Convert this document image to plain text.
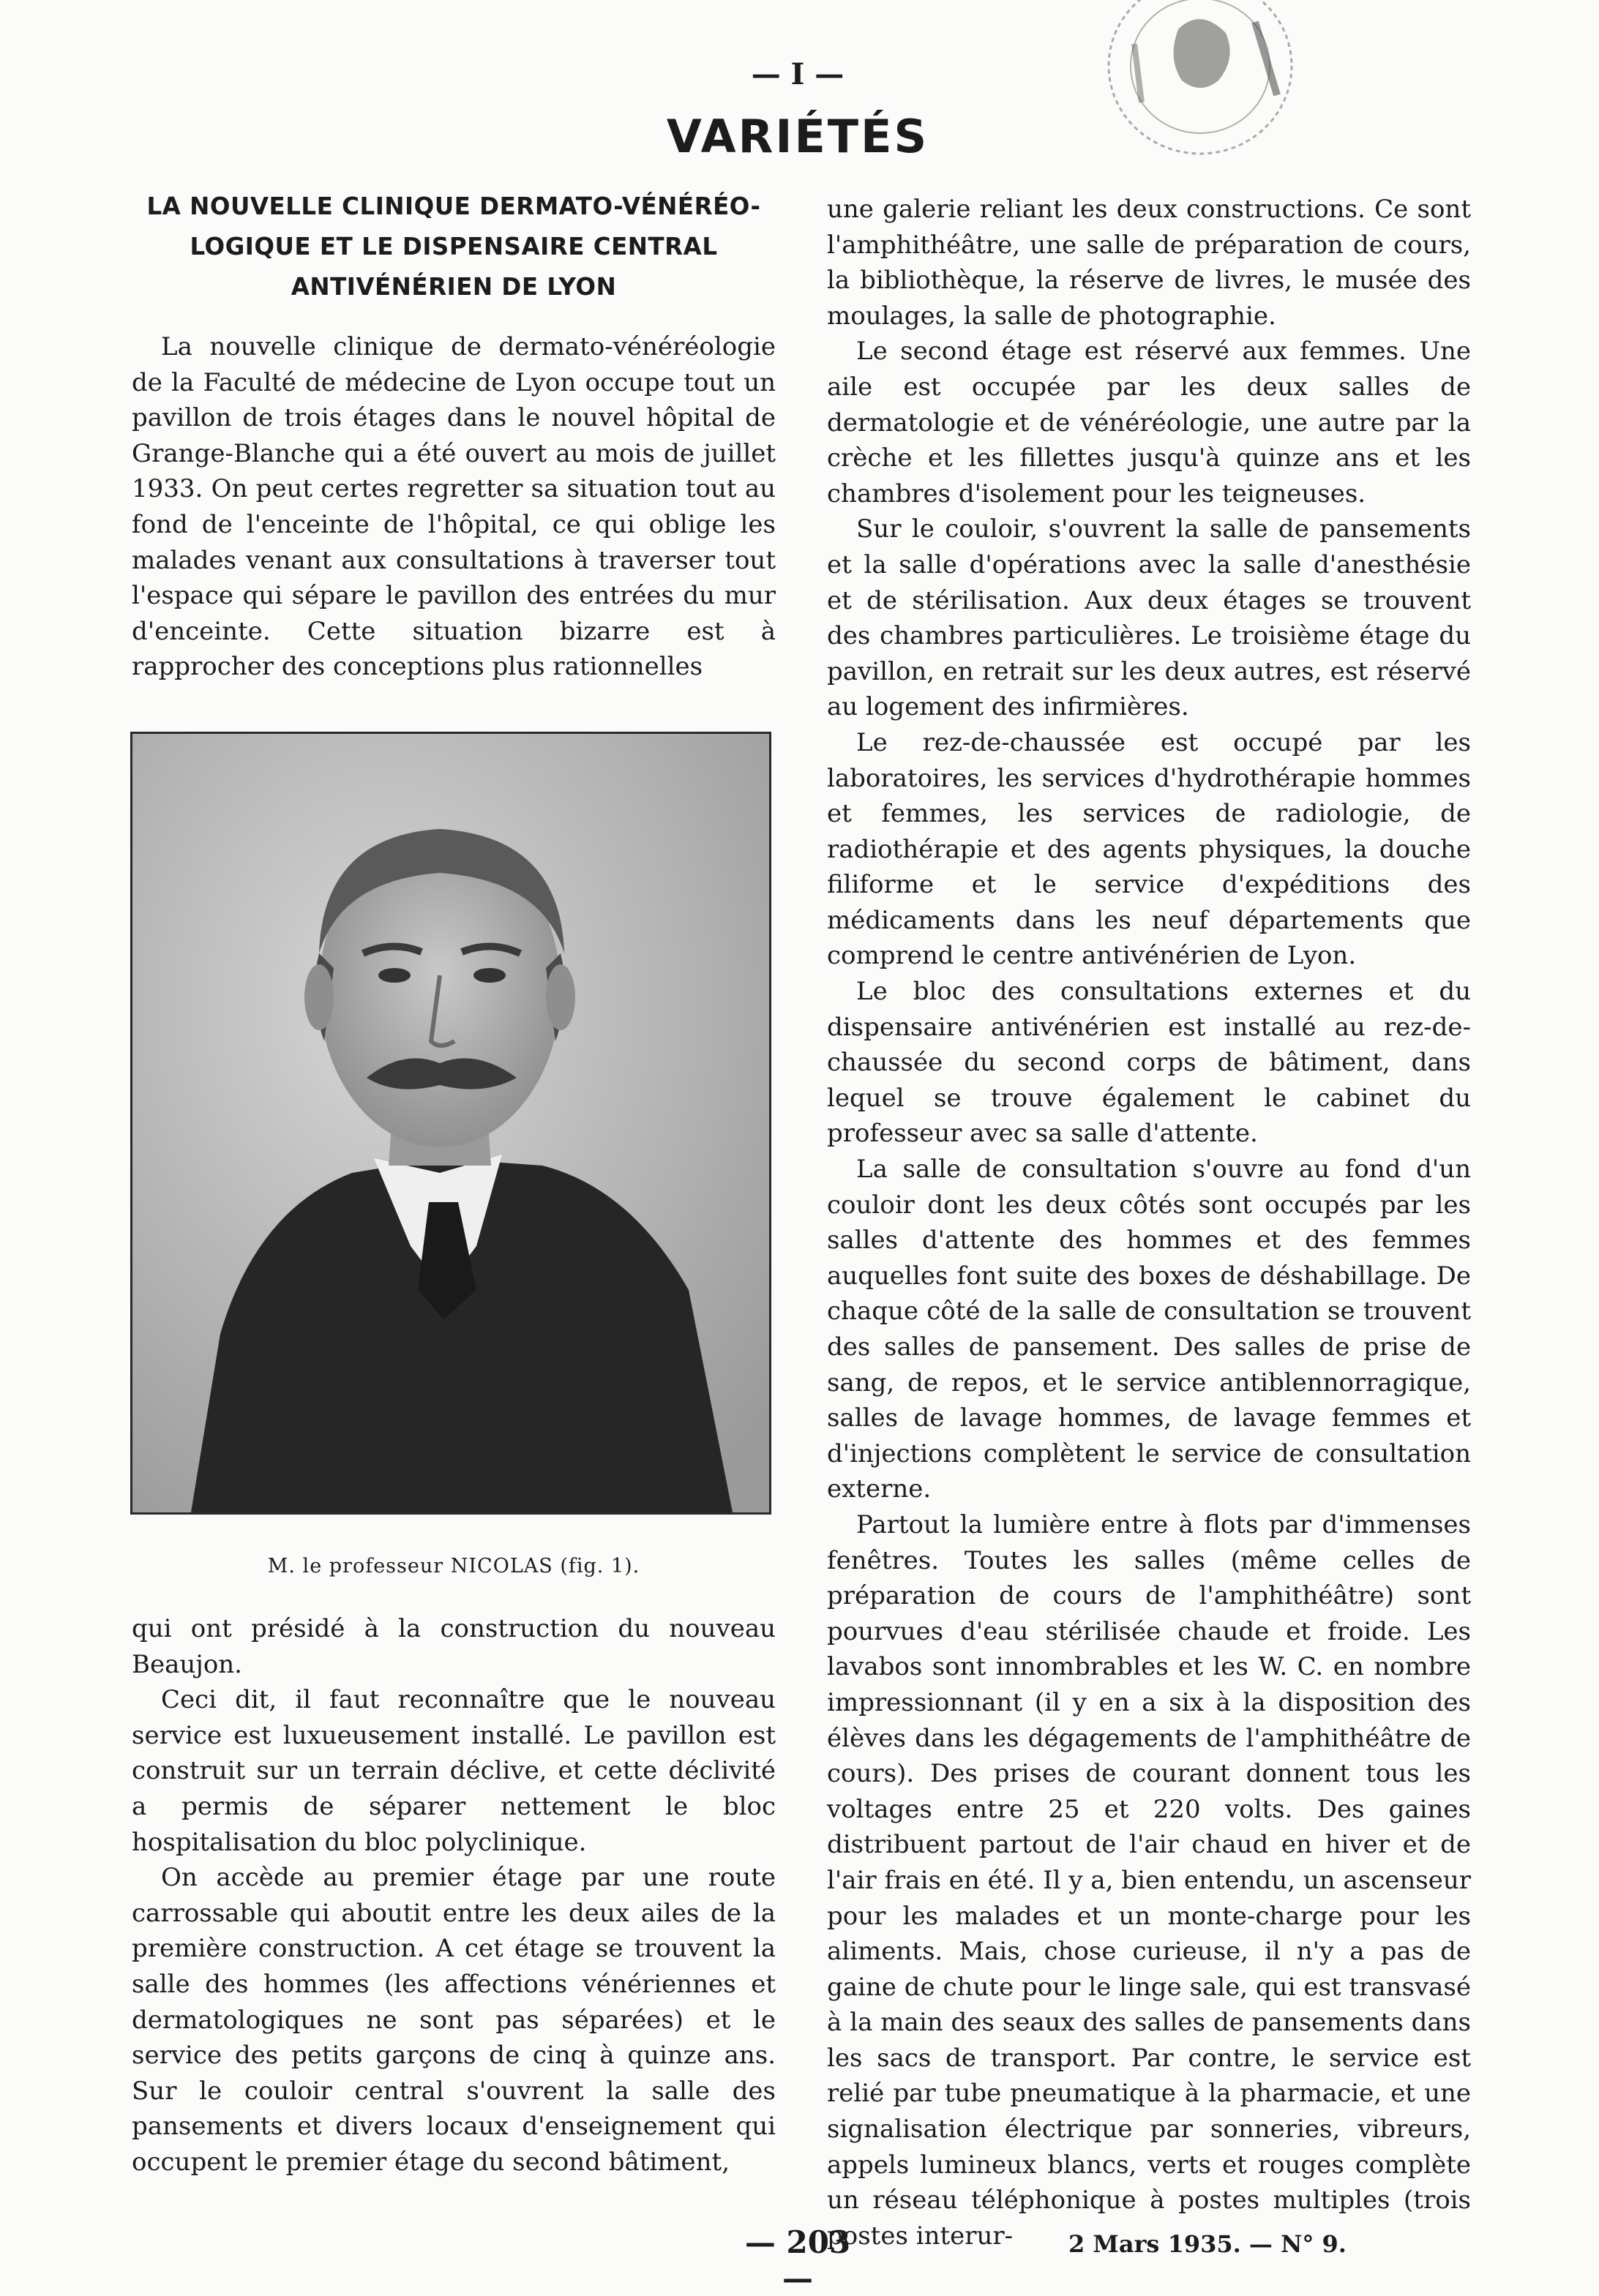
— I —
VARIÉTÉS
LA NOUVELLE CLINIQUE DERMATO-VÉNÉRÉO-
LOGIQUE ET LE DISPENSAIRE CENTRAL
ANTIVÉNÉRIEN DE LYON

La nouvelle clinique de dermato-vénéréologie de la Faculté de médecine de Lyon occupe tout un pavillon de trois étages dans le nouvel hôpital de Grange-Blanche qui a été ouvert au mois de juillet 1933. On peut certes regretter sa situation tout au fond de l'enceinte de l'hôpital, ce qui oblige les malades venant aux consultations à traverser tout l'espace qui sépare le pavillon des entrées du mur d'enceinte. Cette situation bizarre est à rapprocher des conceptions plus rationnelles

M. le professeur NICOLAS (fig. 1).

qui ont présidé à la construction du nouveau Beaujon.

Ceci dit, il faut reconnaître que le nouveau service est luxueusement installé. Le pavillon est construit sur un terrain déclive, et cette déclivité a permis de séparer nettement le bloc hospitalisation du bloc polyclinique.

On accède au premier étage par une route carrossable qui aboutit entre les deux ailes de la première construction. A cet étage se trouvent la salle des hommes (les affections vénériennes et dermatologiques ne sont pas séparées) et le service des petits garçons de cinq à quinze ans. Sur le couloir central s'ouvrent la salle des pansements et divers locaux d'enseignement qui occupent le premier étage du second bâtiment,

une galerie reliant les deux constructions. Ce sont l'amphithéâtre, une salle de préparation de cours, la bibliothèque, la réserve de livres, le musée des moulages, la salle de photographie.

Le second étage est réservé aux femmes. Une aile est occupée par les deux salles de dermatologie et de vénéréologie, une autre par la crèche et les fillettes jusqu'à quinze ans et les chambres d'isolement pour les teigneuses.

Sur le couloir, s'ouvrent la salle de pansements et la salle d'opérations avec la salle d'anesthésie et de stérilisation. Aux deux étages se trouvent des chambres particulières. Le troisième étage du pavillon, en retrait sur les deux autres, est réservé au logement des infirmières.

Le rez-de-chaussée est occupé par les laboratoires, les services d'hydrothérapie hommes et femmes, les services de radiologie, de radiothérapie et des agents physiques, la douche filiforme et le service d'expéditions des médicaments dans les neuf départements que comprend le centre antivénérien de Lyon.

Le bloc des consultations externes et du dispensaire antivénérien est installé au rez-de-chaussée du second corps de bâtiment, dans lequel se trouve également le cabinet du professeur avec sa salle d'attente.

La salle de consultation s'ouvre au fond d'un couloir dont les deux côtés sont occupés par les salles d'attente des hommes et des femmes auquelles font suite des boxes de déshabillage. De chaque côté de la salle de consultation se trouvent des salles de pansement. Des salles de prise de sang, de repos, et le service antiblennorragique, salles de lavage hommes, de lavage femmes et d'injections complètent le service de consultation externe.

Partout la lumière entre à flots par d'immenses fenêtres. Toutes les salles (même celles de préparation de cours de l'amphithéâtre) sont pourvues d'eau stérilisée chaude et froide. Les lavabos sont innombrables et les W. C. en nombre impressionnant (il y en a six à la disposition des élèves dans les dégagements de l'amphithéâtre de cours). Des prises de courant donnent tous les voltages entre 25 et 220 volts. Des gaines distribuent partout de l'air chaud en hiver et de l'air frais en été. Il y a, bien entendu, un ascenseur pour les malades et un monte-charge pour les aliments. Mais, chose curieuse, il n'y a pas de gaine de chute pour le linge sale, qui est transvasé à la main des seaux des salles de pansements dans les sacs de transport. Par contre, le service est relié par tube pneumatique à la pharmacie, et une signalisation électrique par sonneries, vibreurs, appels lumineux blancs, verts et rouges complète un réseau téléphonique à postes multiples (trois postes interur-

— 203 —
2 Mars 1935. — N° 9.
